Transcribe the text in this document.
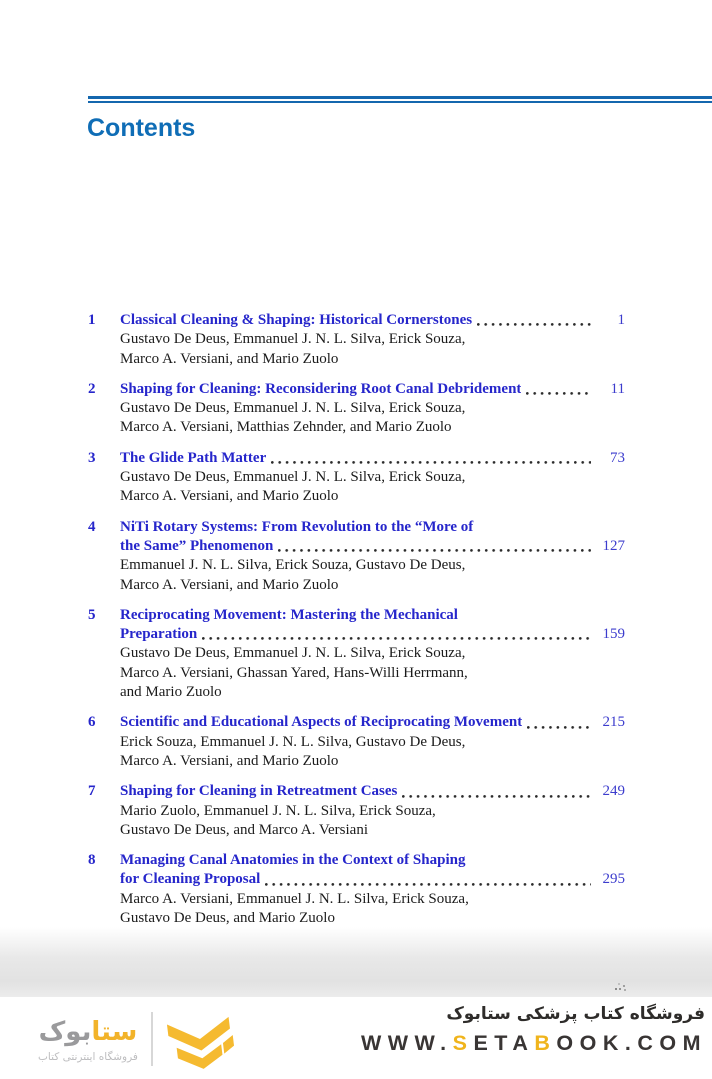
Contents
1	Classical Cleaning & Shaping: Historical Cornerstones	1
Gustavo De Deus, Emmanuel J. N. L. Silva, Erick Souza,
Marco A. Versiani, and Mario Zuolo
2	Shaping for Cleaning: Reconsidering Root Canal Debridement	11
Gustavo De Deus, Emmanuel J. N. L. Silva, Erick Souza,
Marco A. Versiani, Matthias Zehnder, and Mario Zuolo
3	The Glide Path Matter	73
Gustavo De Deus, Emmanuel J. N. L. Silva, Erick Souza,
Marco A. Versiani, and Mario Zuolo
4	NiTi Rotary Systems: From Revolution to the “More of
the Same” Phenomenon	127
Emmanuel J. N. L. Silva, Erick Souza, Gustavo De Deus,
Marco A. Versiani, and Mario Zuolo
5	Reciprocating Movement: Mastering the Mechanical
Preparation	159
Gustavo De Deus, Emmanuel J. N. L. Silva, Erick Souza,
Marco A. Versiani, Ghassan Yared, Hans-Willi Herrmann,
and Mario Zuolo
6	Scientific and Educational Aspects of Reciprocating Movement	215
Erick Souza, Emmanuel J. N. L. Silva, Gustavo De Deus,
Marco A. Versiani, and Mario Zuolo
7	Shaping for Cleaning in Retreatment Cases	249
Mario Zuolo, Emmanuel J. N. L. Silva, Erick Souza,
Gustavo De Deus, and Marco A. Versiani
8	Managing Canal Anatomies in the Context of Shaping
for Cleaning Proposal	295
Marco A. Versiani, Emmanuel J. N. L. Silva, Erick Souza,
Gustavo De Deus, and Mario Zuolo
ستابوک
فروشگاه اینترنتی کتاب
فروشگاه کتاب پزشکی ستابوک
WWW.SETABOOK.COM
